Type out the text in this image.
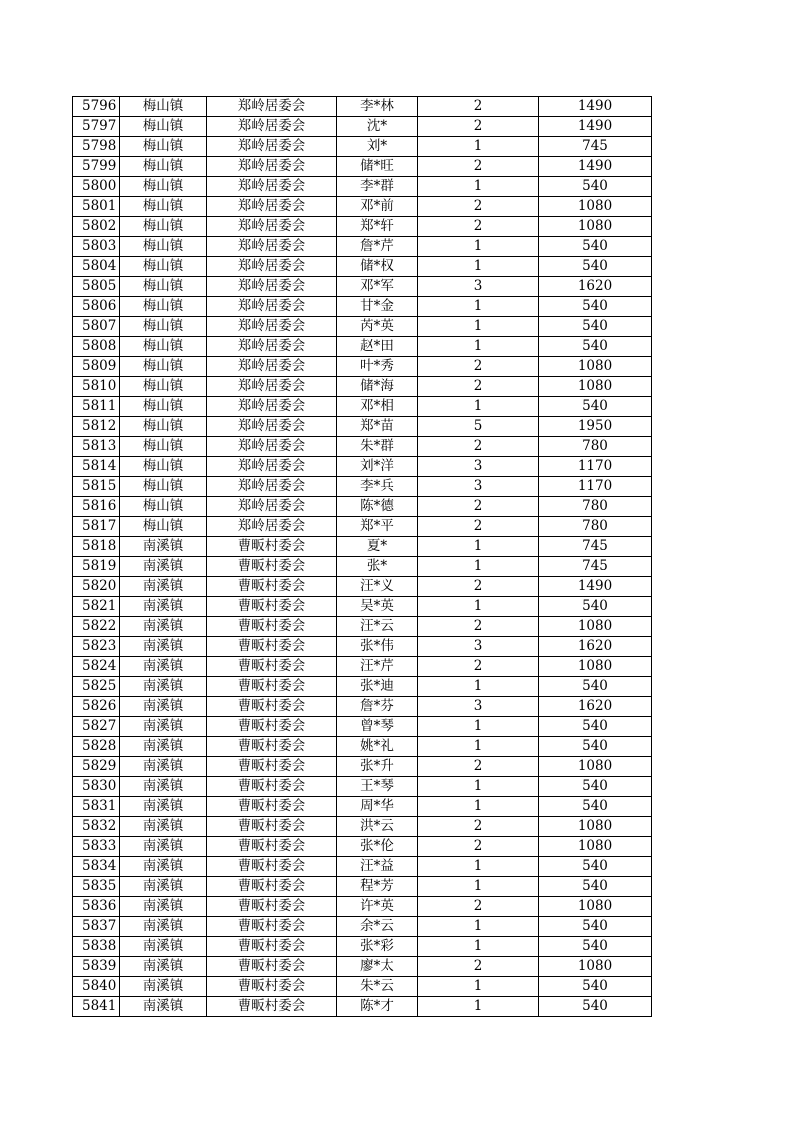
5796	梅山镇	郑岭居委会	李*林	2	1490
5797	梅山镇	郑岭居委会	沈*	2	1490
5798	梅山镇	郑岭居委会	刘*	1	745
5799	梅山镇	郑岭居委会	储*旺	2	1490
5800	梅山镇	郑岭居委会	李*群	1	540
5801	梅山镇	郑岭居委会	邓*前	2	1080
5802	梅山镇	郑岭居委会	郑*轩	2	1080
5803	梅山镇	郑岭居委会	詹*芹	1	540
5804	梅山镇	郑岭居委会	储*权	1	540
5805	梅山镇	郑岭居委会	邓*军	3	1620
5806	梅山镇	郑岭居委会	甘*金	1	540
5807	梅山镇	郑岭居委会	芮*英	1	540
5808	梅山镇	郑岭居委会	赵*田	1	540
5809	梅山镇	郑岭居委会	叶*秀	2	1080
5810	梅山镇	郑岭居委会	储*海	2	1080
5811	梅山镇	郑岭居委会	邓*相	1	540
5812	梅山镇	郑岭居委会	郑*苗	5	1950
5813	梅山镇	郑岭居委会	朱*群	2	780
5814	梅山镇	郑岭居委会	刘*洋	3	1170
5815	梅山镇	郑岭居委会	李*兵	3	1170
5816	梅山镇	郑岭居委会	陈*德	2	780
5817	梅山镇	郑岭居委会	郑*平	2	780
5818	南溪镇	曹畈村委会	夏*	1	745
5819	南溪镇	曹畈村委会	张*	1	745
5820	南溪镇	曹畈村委会	汪*义	2	1490
5821	南溪镇	曹畈村委会	吴*英	1	540
5822	南溪镇	曹畈村委会	汪*云	2	1080
5823	南溪镇	曹畈村委会	张*伟	3	1620
5824	南溪镇	曹畈村委会	汪*芹	2	1080
5825	南溪镇	曹畈村委会	张*迪	1	540
5826	南溪镇	曹畈村委会	詹*芬	3	1620
5827	南溪镇	曹畈村委会	曾*琴	1	540
5828	南溪镇	曹畈村委会	姚*礼	1	540
5829	南溪镇	曹畈村委会	张*升	2	1080
5830	南溪镇	曹畈村委会	王*琴	1	540
5831	南溪镇	曹畈村委会	周*华	1	540
5832	南溪镇	曹畈村委会	洪*云	2	1080
5833	南溪镇	曹畈村委会	张*伦	2	1080
5834	南溪镇	曹畈村委会	汪*益	1	540
5835	南溪镇	曹畈村委会	程*芳	1	540
5836	南溪镇	曹畈村委会	许*英	2	1080
5837	南溪镇	曹畈村委会	余*云	1	540
5838	南溪镇	曹畈村委会	张*彩	1	540
5839	南溪镇	曹畈村委会	廖*太	2	1080
5840	南溪镇	曹畈村委会	朱*云	1	540
5841	南溪镇	曹畈村委会	陈*才	1	540
